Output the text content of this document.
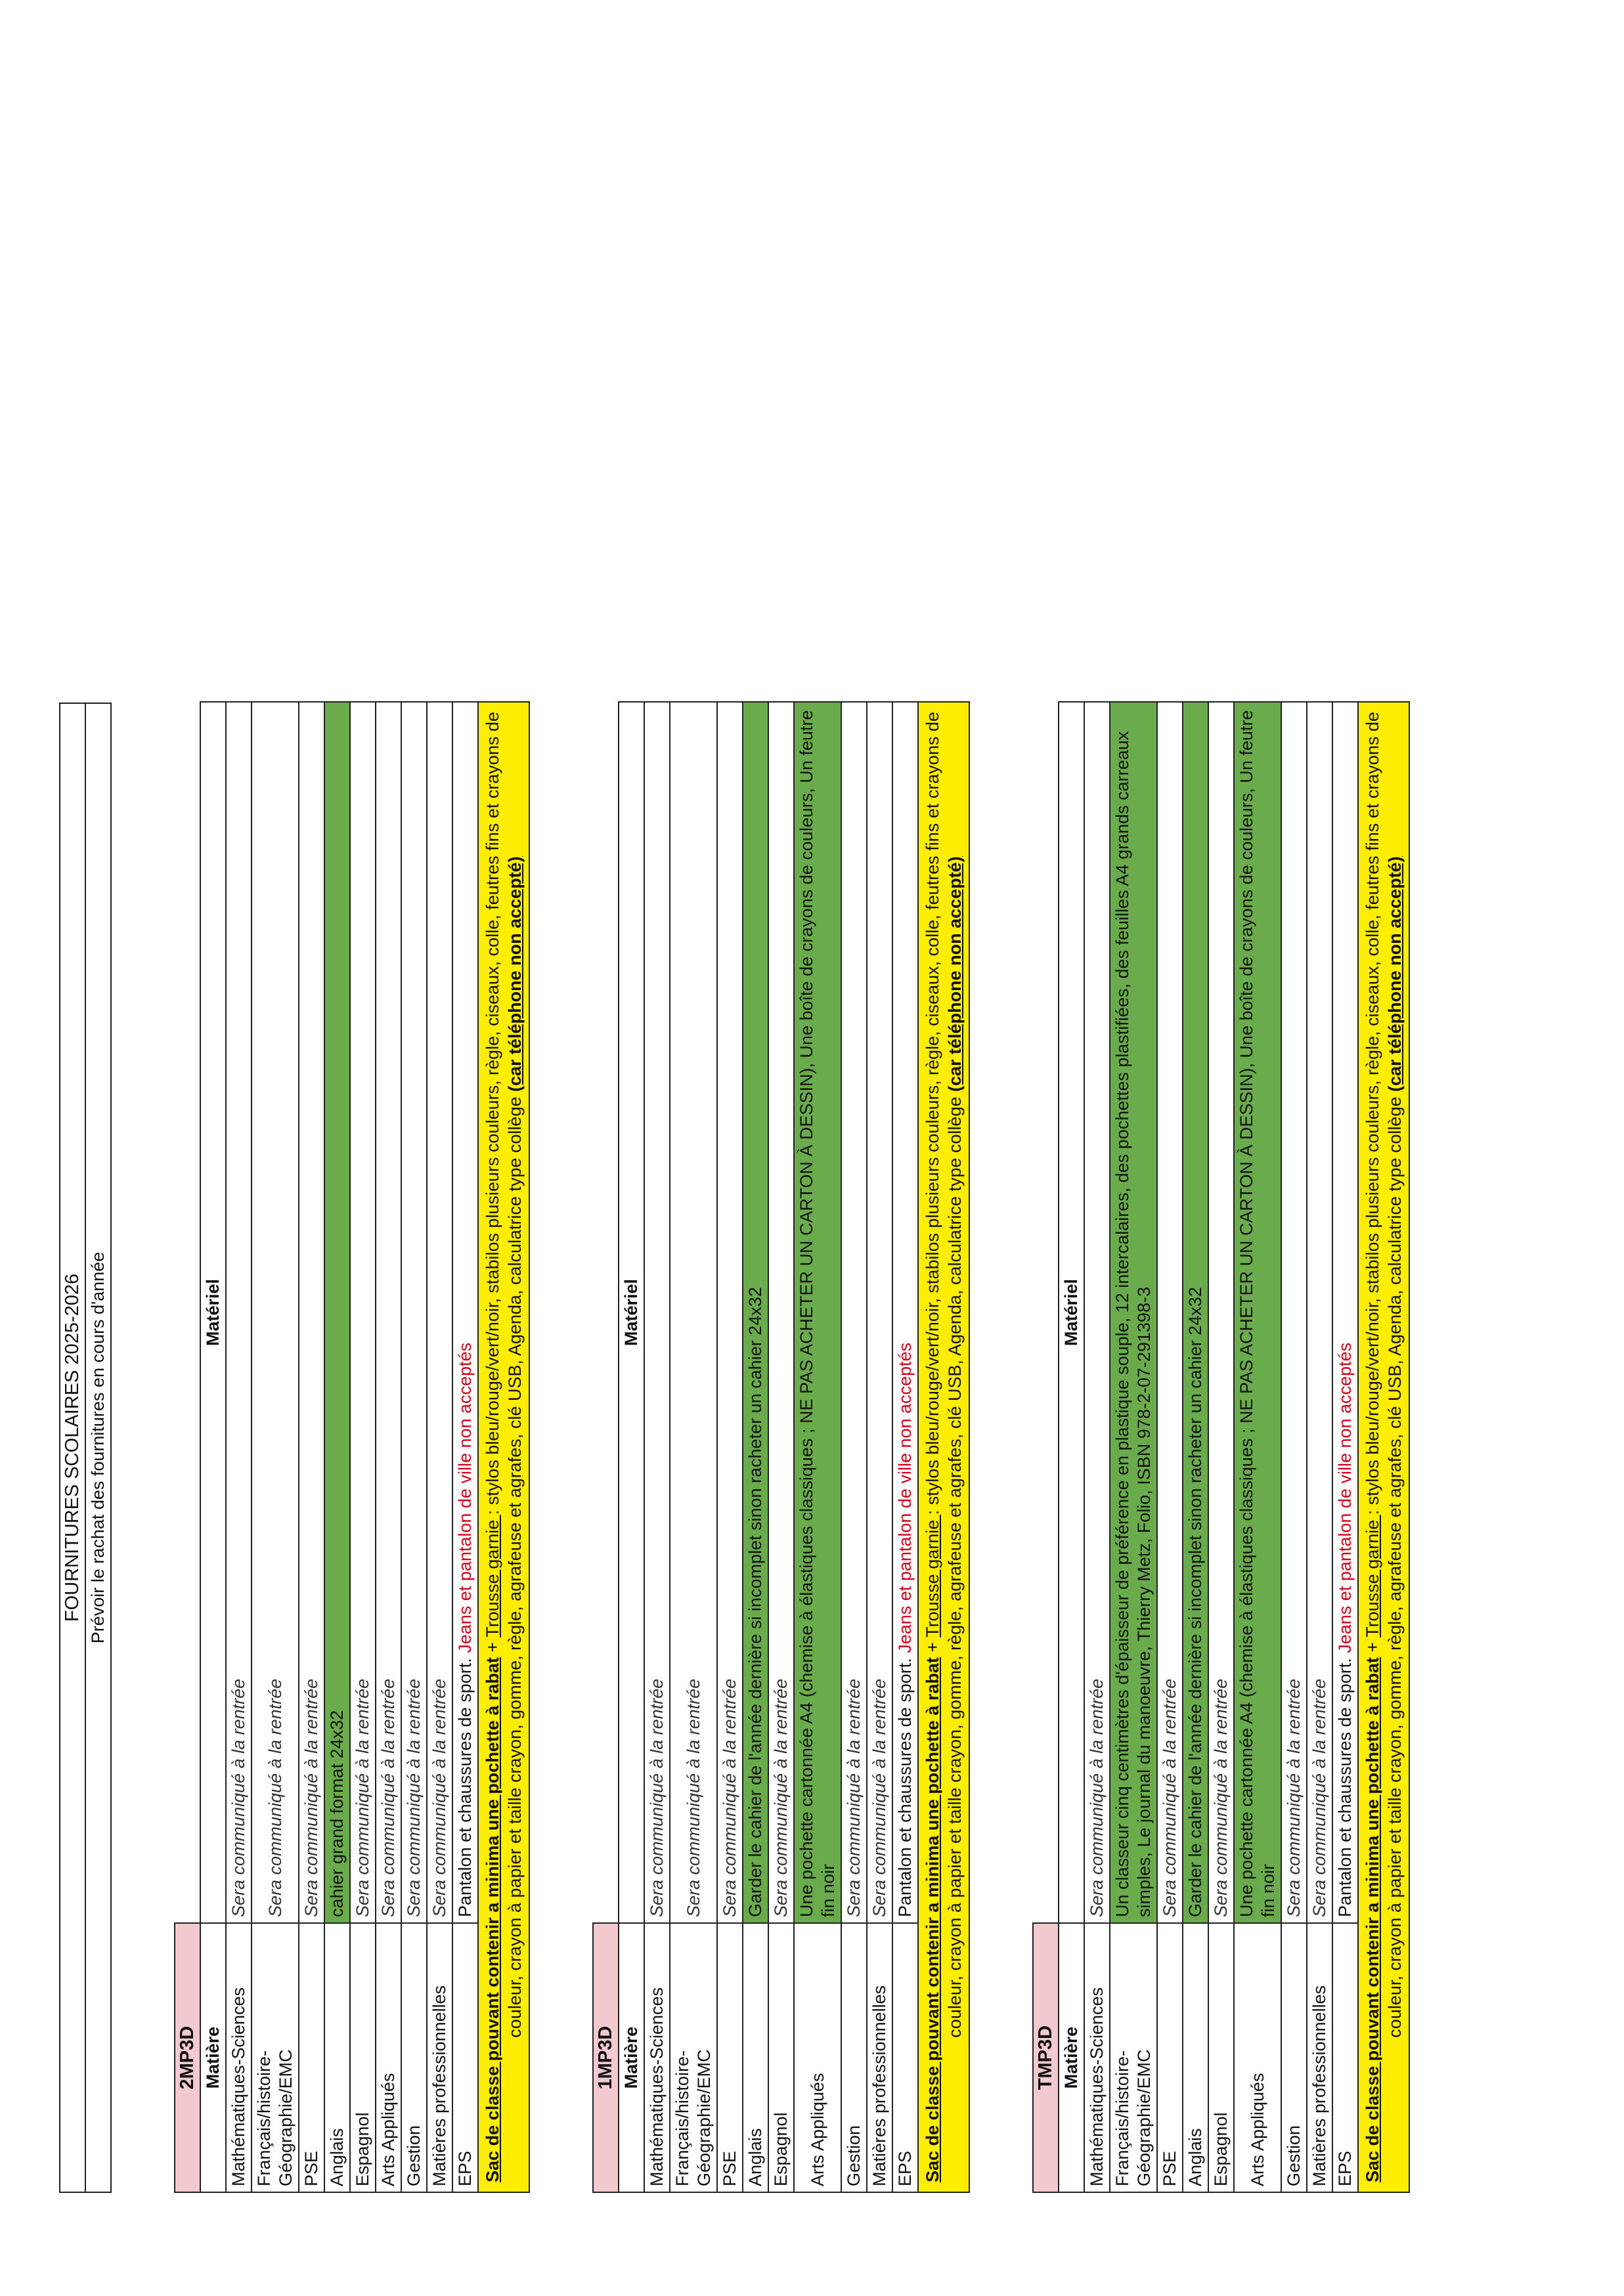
FOURNITURES SCOLAIRES 2025-2026
Prévoir le rachat des fournitures en cours d'année
2MP3D	
Matière	Matériel
Mathématiques-Sciences	Sera communiqué à la rentrée
Français/histoire-Géographie/EMC	Sera communiqué à la rentrée
PSE	Sera communiqué à la rentrée
Anglais	cahier grand format 24x32
Espagnol	Sera communiqué à la rentrée
Arts Appliqués	Sera communiqué à la rentrée
Gestion	Sera communiqué à la rentrée
Matières professionnelles	Sera communiqué à la rentrée
EPS	Pantalon et chaussures de sport. Jeans et pantalon de ville non acceptés
Sac de classe pouvant contenir a minima une pochette à rabat + Trousse garnie : stylos bleu/rouge/vert/noir, stabilos plusieurs couleurs, règle, ciseaux, colle, feutres fins et crayons de couleur, crayon à papier et taille crayon, gomme, règle, agrafeuse et agrafes, clé USB, Agenda, calculatrice type collège (car téléphone non accepté)	
1MP3D	
Matière	Matériel
Mathématiques-Sciences	Sera communiqué à la rentrée
Français/histoire-Géographie/EMC	Sera communiqué à la rentrée
PSE	Sera communiqué à la rentrée
Anglais	Garder le cahier de l'année dernière si incomplet sinon racheter un cahier 24x32
Espagnol	Sera communiqué à la rentrée
Arts Appliqués	Une pochette cartonnée A4 (chemise à élastiques classiques ; NE PAS ACHETER UN CARTON À DESSIN), Une boîte de crayons de couleurs, Un feutre fin noir
Gestion	Sera communiqué à la rentrée
Matières professionnelles	Sera communiqué à la rentrée
EPS	Pantalon et chaussures de sport. Jeans et pantalon de ville non acceptés
Sac de classe pouvant contenir a minima une pochette à rabat + Trousse garnie : stylos bleu/rouge/vert/noir, stabilos plusieurs couleurs, règle, ciseaux, colle, feutres fins et crayons de couleur, crayon à papier et taille crayon, gomme, règle, agrafeuse et agrafes, clé USB, Agenda, calculatrice type collège (car téléphone non accepté)	
TMP3D	
Matière	Matériel
Mathématiques-Sciences	Sera communiqué à la rentrée
Français/histoire-Géographie/EMC	Un classeur cinq centimètres d'épaisseur de préférence en plastique souple, 12 intercalaires, des pochettes plastifiées, des feuilles A4 grands carreaux simples, Le journal du manoeuvre, Thierry Metz, Folio, ISBN 978-2-07-291398-3
PSE	Sera communiqué à la rentrée
Anglais	Garder le cahier de l'année dernière si incomplet sinon racheter un cahier 24x32
Espagnol	Sera communiqué à la rentrée
Arts Appliqués	Une pochette cartonnée A4 (chemise à élastiques classiques ; NE PAS ACHETER UN CARTON À DESSIN), Une boîte de crayons de couleurs, Un feutre fin noir
Gestion	Sera communiqué à la rentrée
Matières professionnelles	Sera communiqué à la rentrée
EPS	Pantalon et chaussures de sport. Jeans et pantalon de ville non acceptés
Sac de classe pouvant contenir a minima une pochette à rabat + Trousse garnie : stylos bleu/rouge/vert/noir, stabilos plusieurs couleurs, règle, ciseaux, colle, feutres fins et crayons de couleur, crayon à papier et taille crayon, gomme, règle, agrafeuse et agrafes, clé USB, Agenda, calculatrice type collège (car téléphone non accepté)	
